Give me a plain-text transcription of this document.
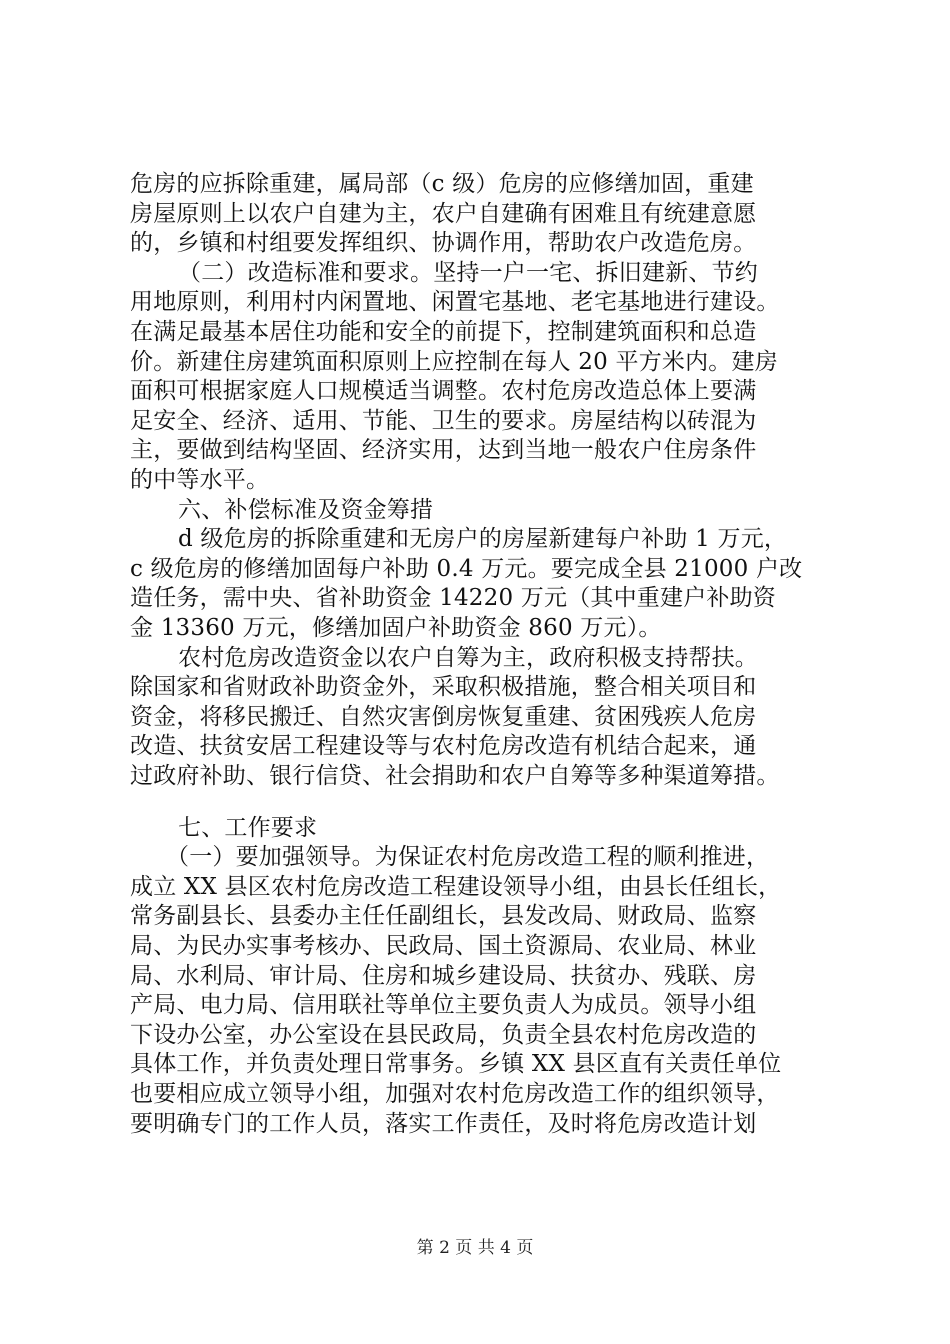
危房的应拆除重建，属局部（c 级）危房的应修缮加固，重建
房屋原则上以农户自建为主，农户自建确有困难且有统建意愿
的，乡镇和村组要发挥组织、协调作用，帮助农户改造危房。
（二）改造标准和要求。坚持一户一宅、拆旧建新、节约
用地原则，利用村内闲置地、闲置宅基地、老宅基地进行建设。
在满足最基本居住功能和安全的前提下，控制建筑面积和总造
价。新建住房建筑面积原则上应控制在每人 20 平方米内。建房
面积可根据家庭人口规模适当调整。农村危房改造总体上要满
足安全、经济、适用、节能、卫生的要求。房屋结构以砖混为
主，要做到结构坚固、经济实用，达到当地一般农户住房条件
的中等水平。
六、补偿标准及资金筹措
d 级危房的拆除重建和无房户的房屋新建每户补助 1 万元，
c 级危房的修缮加固每户补助 0.4 万元。要完成全县 21000 户改
造任务，需中央、省补助资金 14220 万元（其中重建户补助资
金 13360 万元，修缮加固户补助资金 860 万元）。
农村危房改造资金以农户自筹为主，政府积极支持帮扶。
除国家和省财政补助资金外，采取积极措施，整合相关项目和
资金，将移民搬迁、自然灾害倒房恢复重建、贫困残疾人危房
改造、扶贫安居工程建设等与农村危房改造有机结合起来，通
过政府补助、银行信贷、社会捐助和农户自筹等多种渠道筹措。
七、工作要求
（一）要加强领导。为保证农村危房改造工程的顺利推进，
成立 XX 县区农村危房改造工程建设领导小组，由县长任组长，
常务副县长、县委办主任任副组长，县发改局、财政局、监察
局、为民办实事考核办、民政局、国土资源局、农业局、林业
局、水利局、审计局、住房和城乡建设局、扶贫办、残联、房
产局、电力局、信用联社等单位主要负责人为成员。领导小组
下设办公室，办公室设在县民政局，负责全县农村危房改造的
具体工作，并负责处理日常事务。乡镇 XX 县区直有关责任单位
也要相应成立领导小组，加强对农村危房改造工作的组织领导，
要明确专门的工作人员，落实工作责任，及时将危房改造计划
第 2 页 共 4 页
